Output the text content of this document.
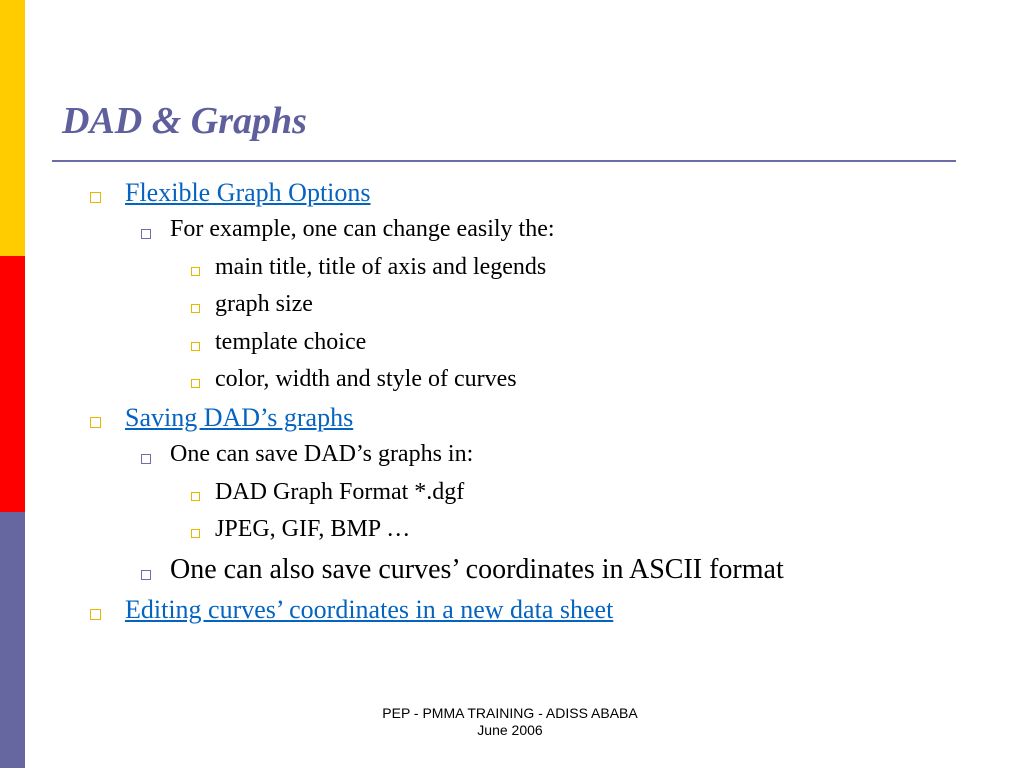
DAD & Graphs
Flexible Graph Options
For example, one can change easily the:
main title, title of axis and legends
graph size
template choice
color, width and style of curves
Saving DAD’s graphs
One can save DAD’s graphs in:
DAD Graph Format *.dgf
JPEG, GIF, BMP …
One can also save curves’ coordinates in ASCII format
Editing curves’ coordinates in a new data sheet
PEP - PMMA TRAINING - ADISS ABABA
June 2006
